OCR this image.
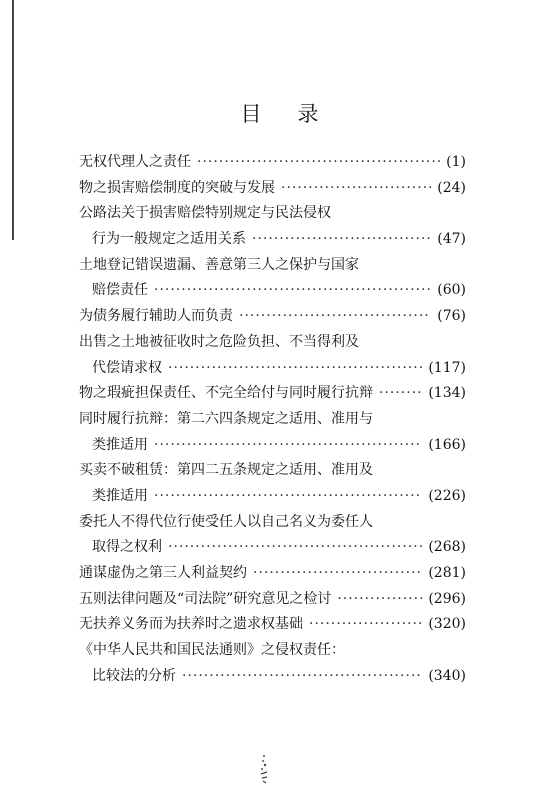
目 录
无权代理人之责任 ·····	(1)
物之损害赔偿制度的突破与发展 ·····	(24)
公路法关于损害赔偿特别规定与民法侵权
行为一般规定之适用关系 ·····	(47)
土地登记错误遗漏、善意第三人之保护与国家
赔偿责任 ·····	(60)
为债务履行辅助人而负责 ·····	(76)
出售之土地被征收时之危险负担、不当得利及
代偿请求权 ·····	(117)
物之瑕疵担保责任、不完全给付与同时履行抗辩 ·····	(134)
同时履行抗辩：第二六四条规定之适用、准用与
类推适用 ·····	(166)
买卖不破租赁：第四二五条规定之适用、准用及
类推适用 ·····	(226)
委托人不得代位行使受任人以自己名义为委任人
取得之权利 ·····	(268)
通谋虚伪之第三人利益契约 ·····	(281)
五则法律问题及“司法院”研究意见之检讨 ·····	(296)
无扶养义务而为扶养时之遗求权基础 ·····	(320)
《中华人民共和国民法通则》之侵权责任：
比较法的分析 ·····	(340)
